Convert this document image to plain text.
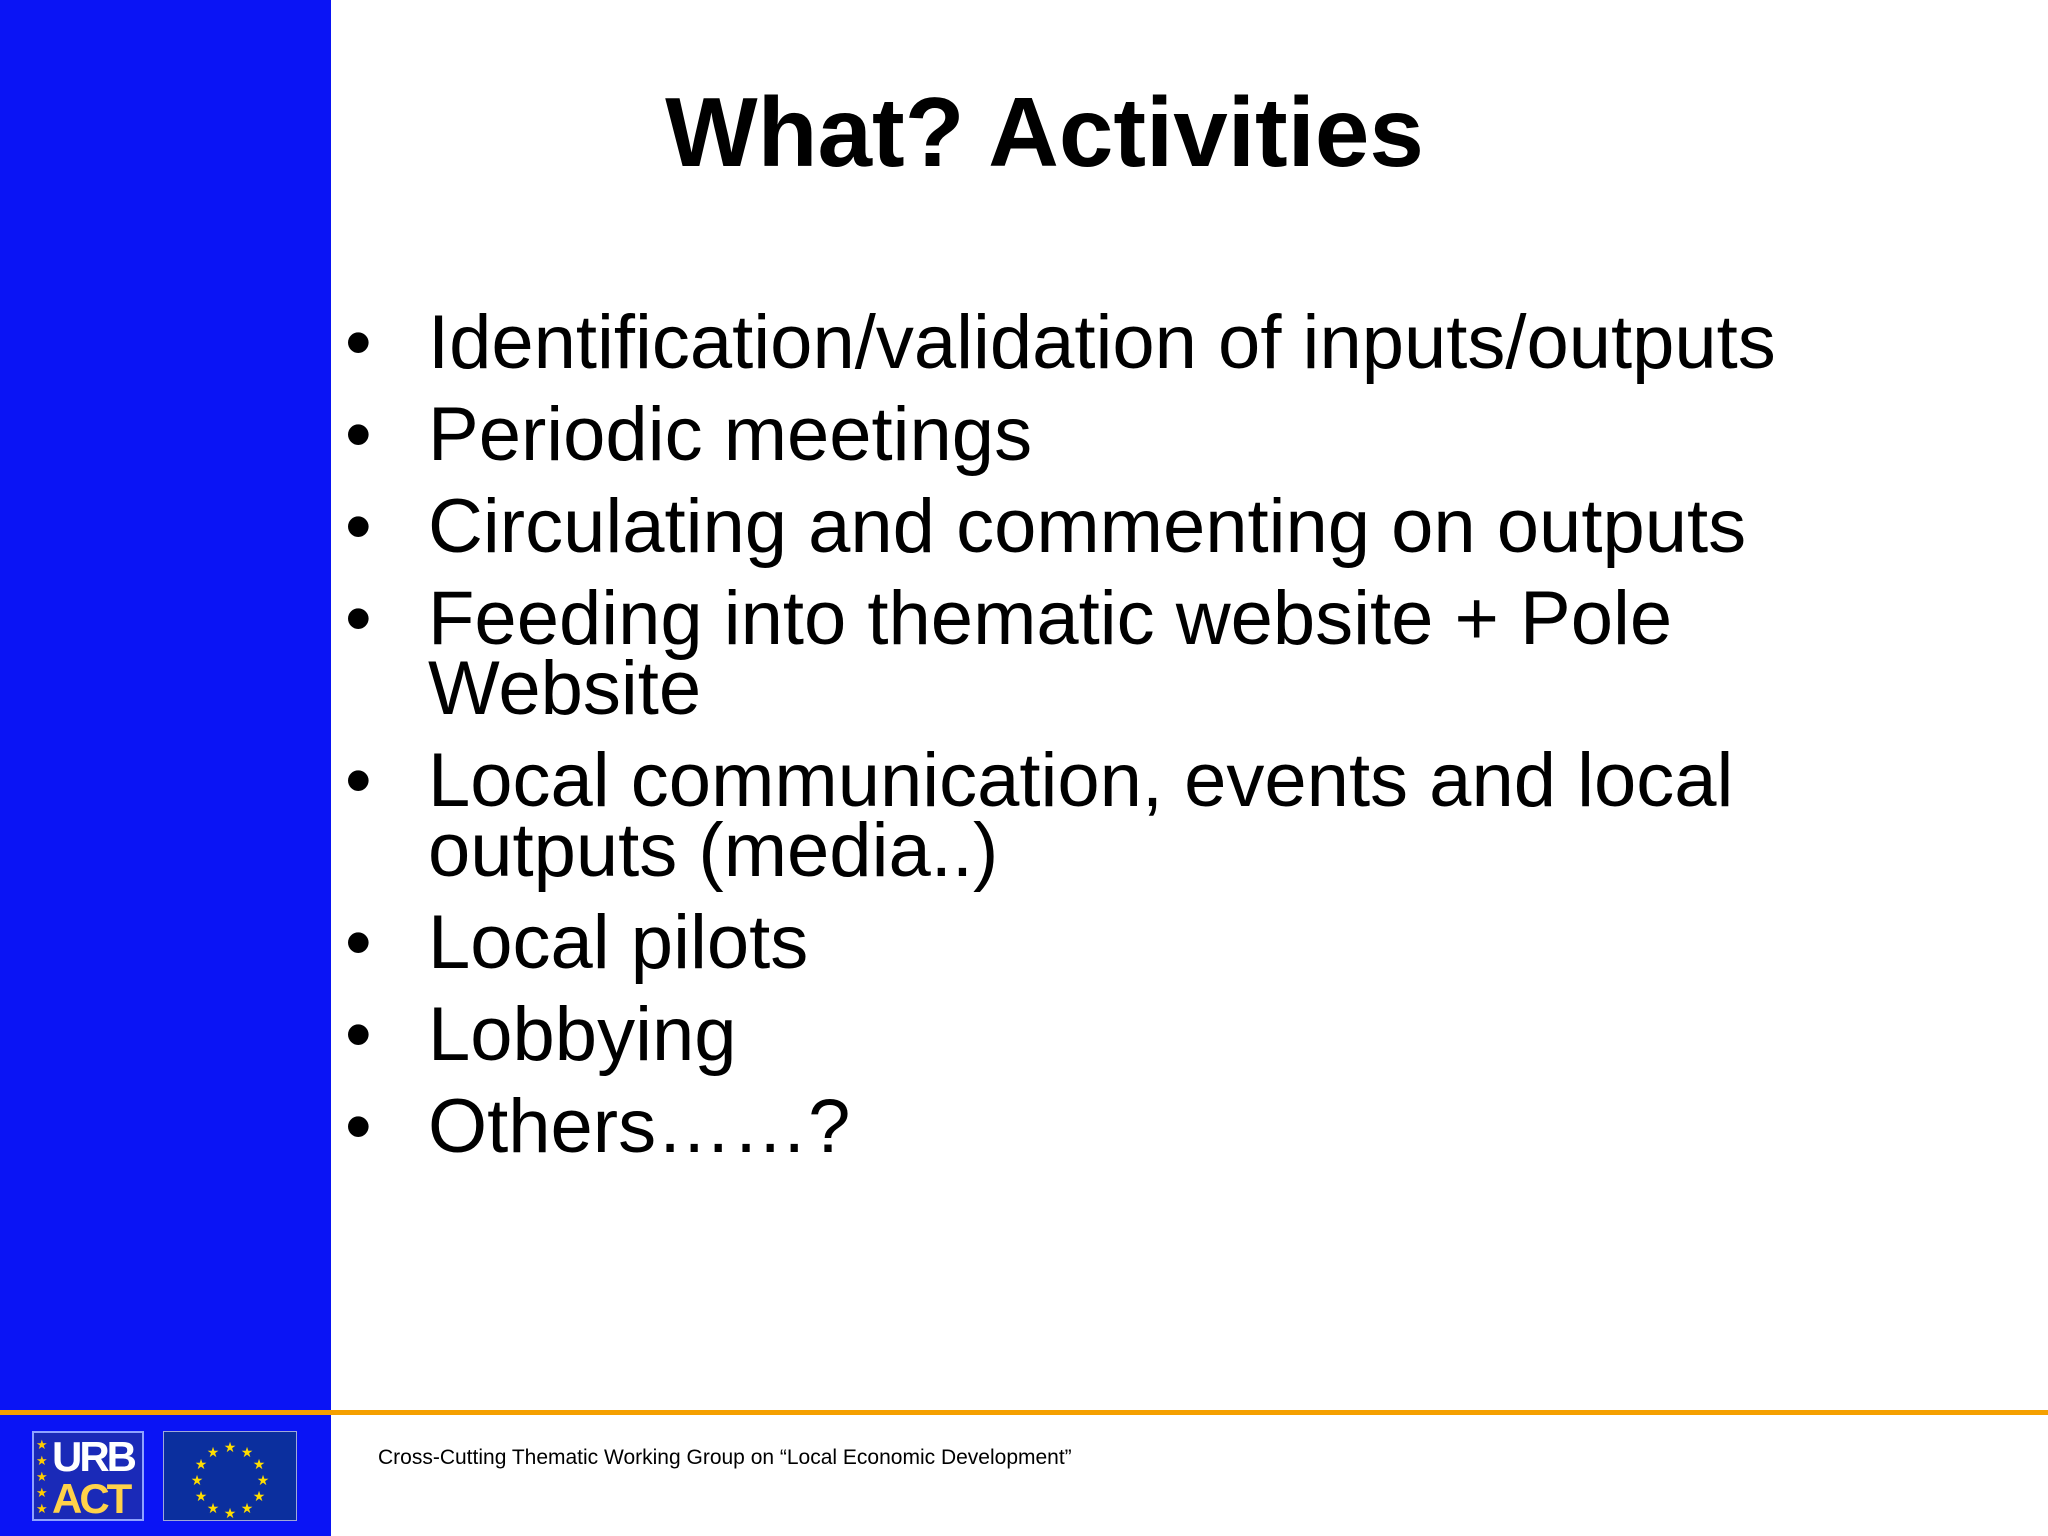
What? Activities
• Identification/validation of inputs/outputs
• Periodic meetings
• Circulating and commenting on outputs
• Feeding into thematic website + Pole
Website
• Local communication, events and local
outputs (media..)
• Local pilots
• Lobbying
• Others……?
★
★
★
★
★
URB
ACT
★ ★
★
★
★
★
★
★
★
★
★
★	Cross-Cutting Thematic Working Group on “Local Economic Development”
